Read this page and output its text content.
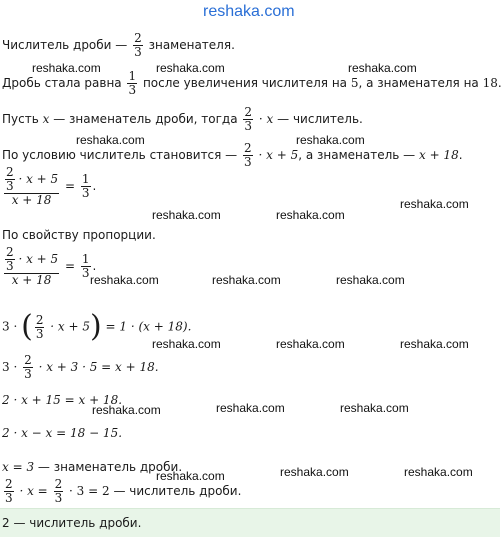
reshaka.com
reshaka.com	reshaka.com	reshaka.com
reshaka.com	reshaka.com
reshaka.com
reshaka.com	reshaka.com
reshaka.com	reshaka.com	reshaka.com
reshaka.com	reshaka.com	reshaka.com
reshaka.com	reshaka.com	reshaka.com
reshaka.com	reshaka.com	reshaka.com
Числитель дроби — $\frac{2}{3}$ знаменателя.
Дробь стала равна $\frac{1}{3}$ после увеличения числителя на 5, а знаменателя на 18.
Пусть x — знаменатель дроби, тогда $\frac{2}{3} \cdot x$ — числитель.
По условию числитель становится — $\frac{2}{3} \cdot x + 5$, а знаменатель — x + 18.
$\frac{\frac{2}{3} \cdot x + 5}{x + 18} = \frac{1}{3}$ .
По свойству пропорции.
$\frac{\frac{2}{3} \cdot x + 5}{x + 18} = \frac{1}{3}$ .
3 · ( $\frac{2}{3} \cdot x + 5) = 1 \cdot (x + 18)$.
$3 \cdot \frac{2}{3} \cdot x + 3 \cdot 5 = x + 18$.
2 · x + 15 = x + 18.
2 · x − x = 18 − 15.
x = 3 — знаменатель дроби.
$\frac{2}{3} \cdot x = \frac{2}{3} \cdot 3 = 2$ — числитель дроби.
2 — числитель дроби.
